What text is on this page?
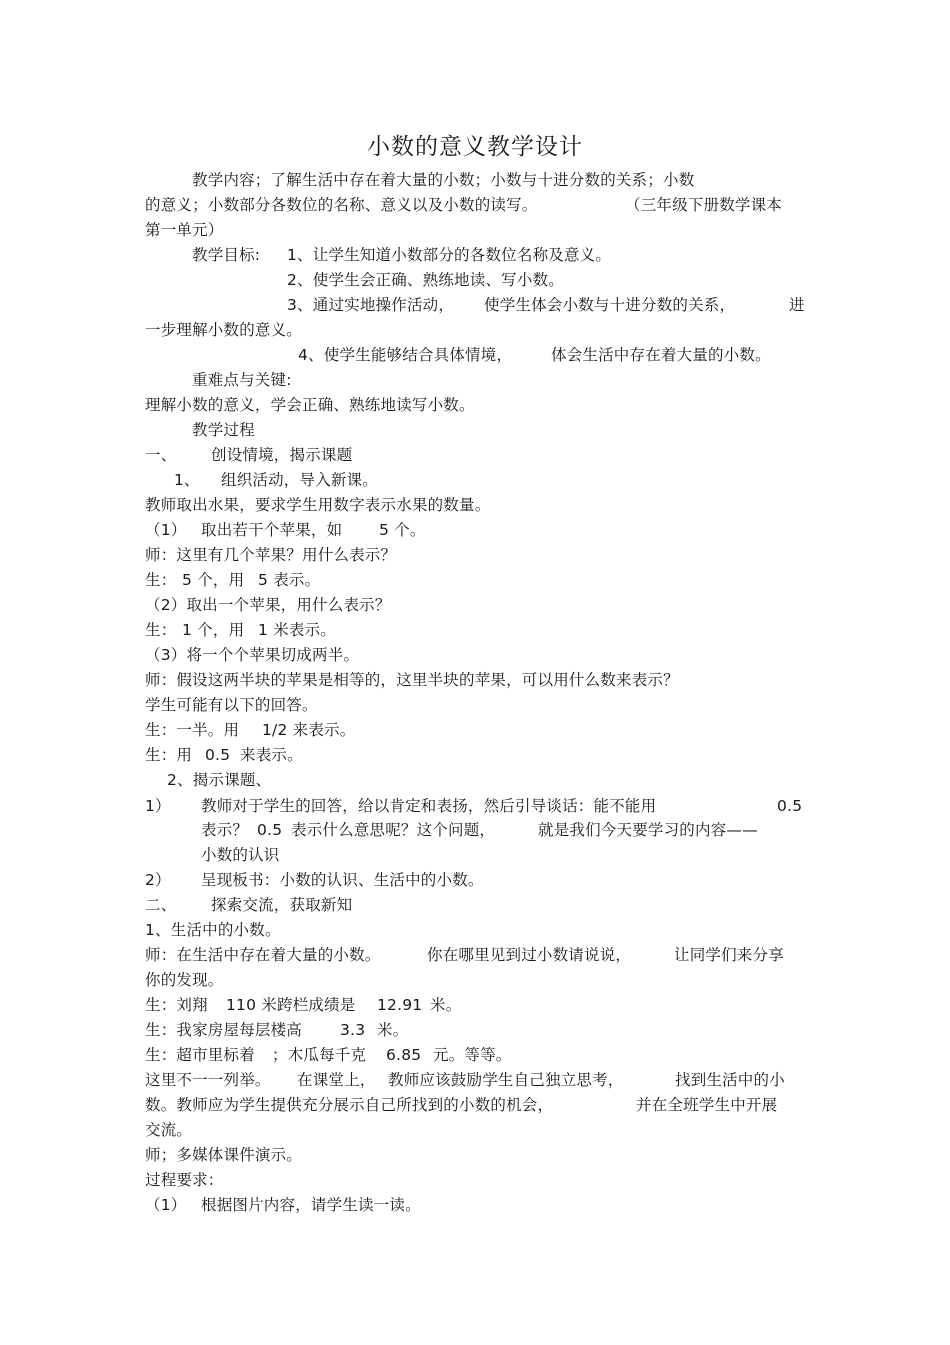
小数的意义教学设计
教学内容；了解生活中存在着大量的小数；小数与十进分数的关系；小数
的意义；小数部分各数位的名称、意义以及小数的读写。	（三年级下册数学课本
第一单元）
教学目标: 1、让学生知道小数部分的各数位名称及意义。
2、使学生会正确、熟练地读、写小数。
3、通过实地操作活动， 使学生体会小数与十进分数的关系，	进
一步理解小数的意义。
4、使学生能够结合具体情境，	体会生活中存在着大量的小数。
重难点与关键:
理解小数的意义，学会正确、熟练地读写小数。
教学过程
一、 创设情境，揭示课题
1、 组织活动，导入新课。
教师取出水果，要求学生用数字表示水果的数量。
（1） 取出若干个苹果，如 5 个。
师：这里有几个苹果？用什么表示？
生： 5 个，用 5 表示。
（2）取出一个苹果，用什么表示？
生： 1 个，用 1 米表示。
（3）将一个个苹果切成两半。
师：假设这两半块的苹果是相等的，这里半块的苹果，可以用什么数来表示？
学生可能有以下的回答。
生：一半。用 1/2 来表示。
生：用 0.5 来表示。
2、揭示课题、
1） 教师对于学生的回答，给以肯定和表扬，然后引导谈话：能不能用	0.5
表示？ 0.5 表示什么意思呢？这个问题，	就是我们今天要学习的内容——
小数的认识
2） 呈现板书：小数的认识、生活中的小数。
二、 探索交流，获取新知
1、生活中的小数。
师：在生活中存在着大量的小数。	你在哪里见到过小数请说说，	让同学们来分享
你的发现。
生：刘翔 110 米跨栏成绩是 12.91 米。
生：我家房屋每层楼高 3.3 米。
生：超市里标着 ；木瓜每千克 6.85 元。等等。
这里不一一列举。 在课堂上， 教师应该鼓励学生自己独立思考，	找到生活中的小
数。教师应为学生提供充分展示自己所找到的小数的机会，	并在全班学生中开展
交流。
师；多媒体课件演示。
过程要求：
（1） 根据图片内容，请学生读一读。
